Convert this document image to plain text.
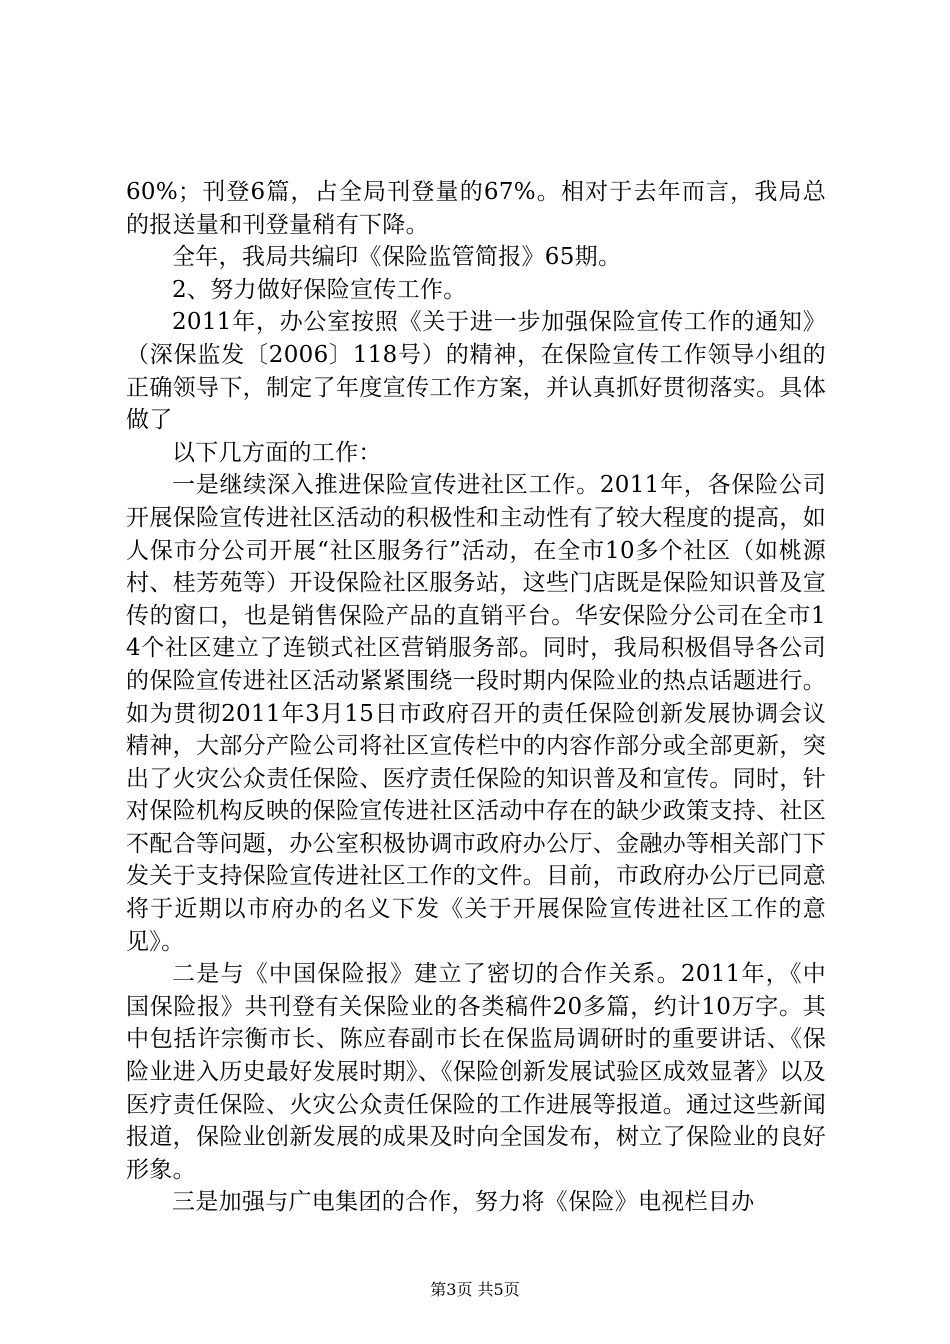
60%；刊登6篇，占全局刊登量的67%。相对于去年而言，我局总的报送量和刊登量稍有下降。

全年，我局共编印《保险监管简报》65期。

2、努力做好保险宣传工作。

2011年，办公室按照《关于进一步加强保险宣传工作的通知》（深保监发〔2006〕118号）的精神，在保险宣传工作领导小组的正确领导下，制定了年度宣传工作方案，并认真抓好贯彻落实。具体做了

以下几方面的工作：

一是继续深入推进保险宣传进社区工作。2011年，各保险公司开展保险宣传进社区活动的积极性和主动性有了较大程度的提高，如人保市分公司开展“社区服务行”活动，在全市10多个社区（如桃源村、桂芳苑等）开设保险社区服务站，这些门店既是保险知识普及宣传的窗口，也是销售保险产品的直销平台。华安保险分公司在全市14个社区建立了连锁式社区营销服务部。同时，我局积极倡导各公司的保险宣传进社区活动紧紧围绕一段时期内保险业的热点话题进行。如为贯彻2011年3月15日市政府召开的责任保险创新发展协调会议精神，大部分产险公司将社区宣传栏中的内容作部分或全部更新，突出了火灾公众责任保险、医疗责任保险的知识普及和宣传。同时，针对保险机构反映的保险宣传进社区活动中存在的缺少政策支持、社区不配合等问题，办公室积极协调市政府办公厅、金融办等相关部门下发关于支持保险宣传进社区工作的文件。目前，市政府办公厅已同意将于近期以市府办的名义下发《关于开展保险宣传进社区工作的意见》。

二是与《中国保险报》建立了密切的合作关系。2011年，《中国保险报》共刊登有关保险业的各类稿件20多篇，约计10万字。其中包括许宗衡市长、陈应春副市长在保监局调研时的重要讲话、《保险业进入历史最好发展时期》、《保险创新发展试验区成效显著》以及医疗责任保险、火灾公众责任保险的工作进展等报道。通过这些新闻报道，保险业创新发展的成果及时向全国发布，树立了保险业的良好形象。

三是加强与广电集团的合作，努力将《保险》电视栏目办

第3页 共5页
